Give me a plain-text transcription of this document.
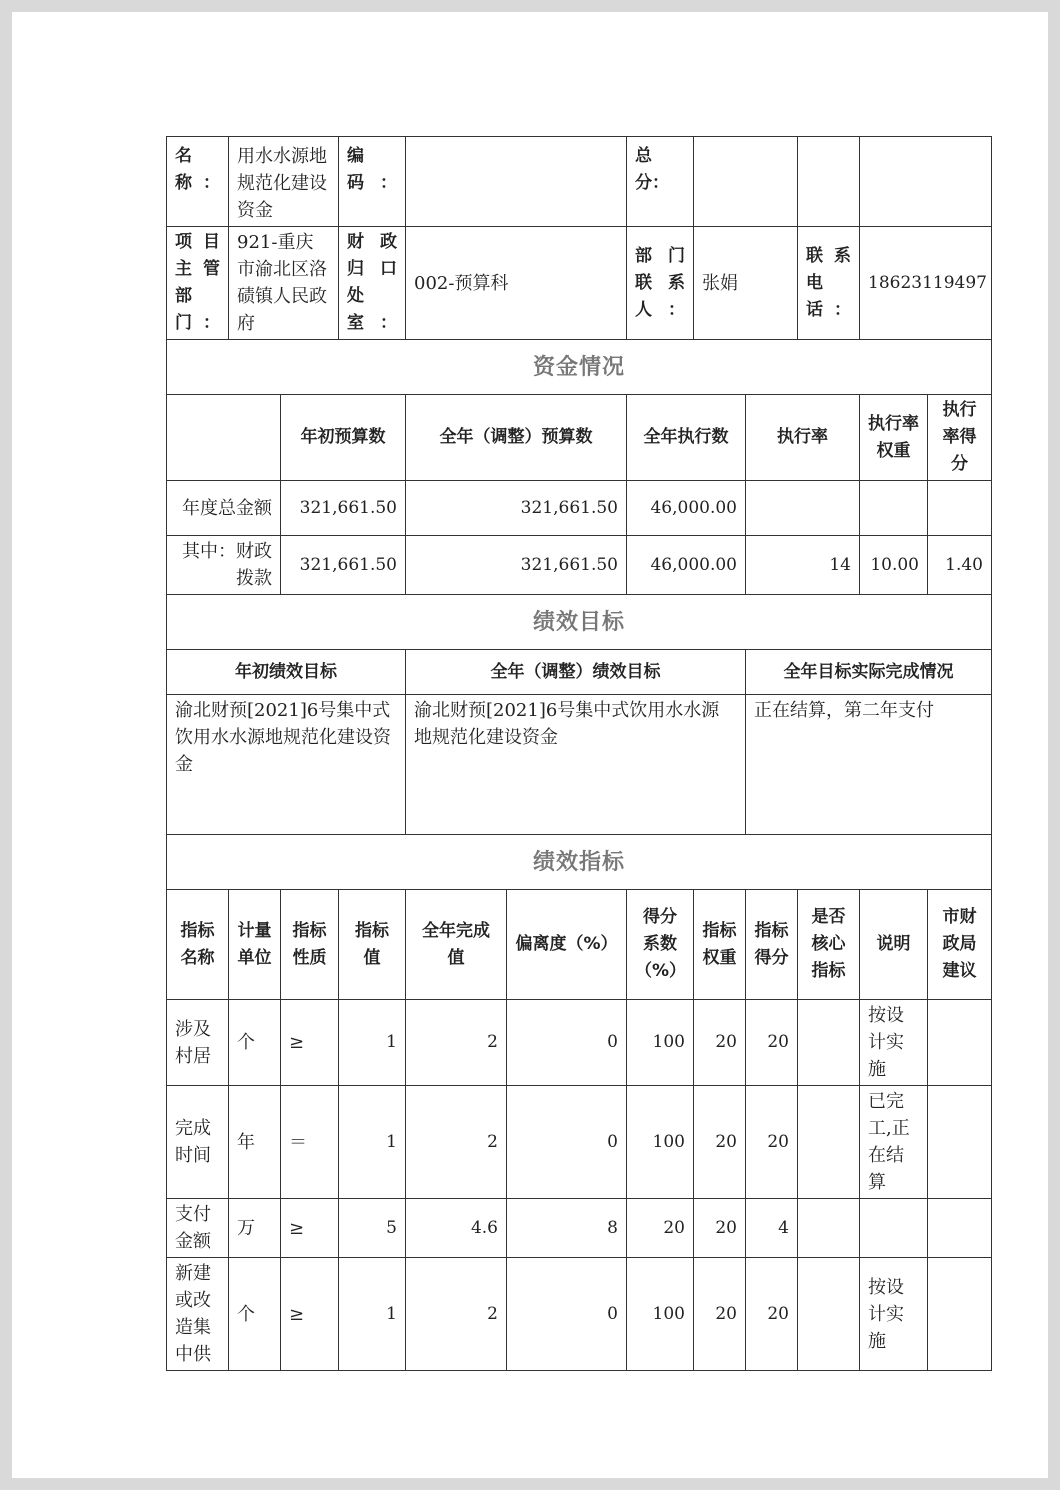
名称：	用水水源地规范化建设资金		编码：			总分：					
项目主管部门：	921-重庆市渝北区洛碛镇人民政府		财政归口处室：	002-预算科		部门联系人：	张娟		联系电话：	18623119497	
资金情况											
		年初预算数		全年（调整）预算数		全年执行数		执行率		执行率权重	执行率得分
年度总金额		321,661.50		321,661.50		46,000.00					
其中：财政拨款		321,661.50		321,661.50		46,000.00		14		10.00	1.40
绩效目标											
年初绩效目标				全年（调整）绩效目标				全年目标实际完成情况			
渝北财预[2021]6号集中式饮用水水源地规范化建设资金				渝北财预[2021]6号集中式饮用水水源地规范化建设资金				正在结算，第二年支付			
绩效指标											
指标名称	计量单位	指标性质	指标值	全年完成值	偏离度（%）	得分系数（%）	指标权重	指标得分	是否核心指标	说明	市财政局建议
涉及村居	个	≥	1	2	0	100	20	20		按设计实施	
完成时间	年	＝	1	2	0	100	20	20		已完工,正在结算	
支付金额	万	≥	5	4.6	8	20	20	4			
新建或改造集中供	个	≥	1	2	0	100	20	20		按设计实施	
